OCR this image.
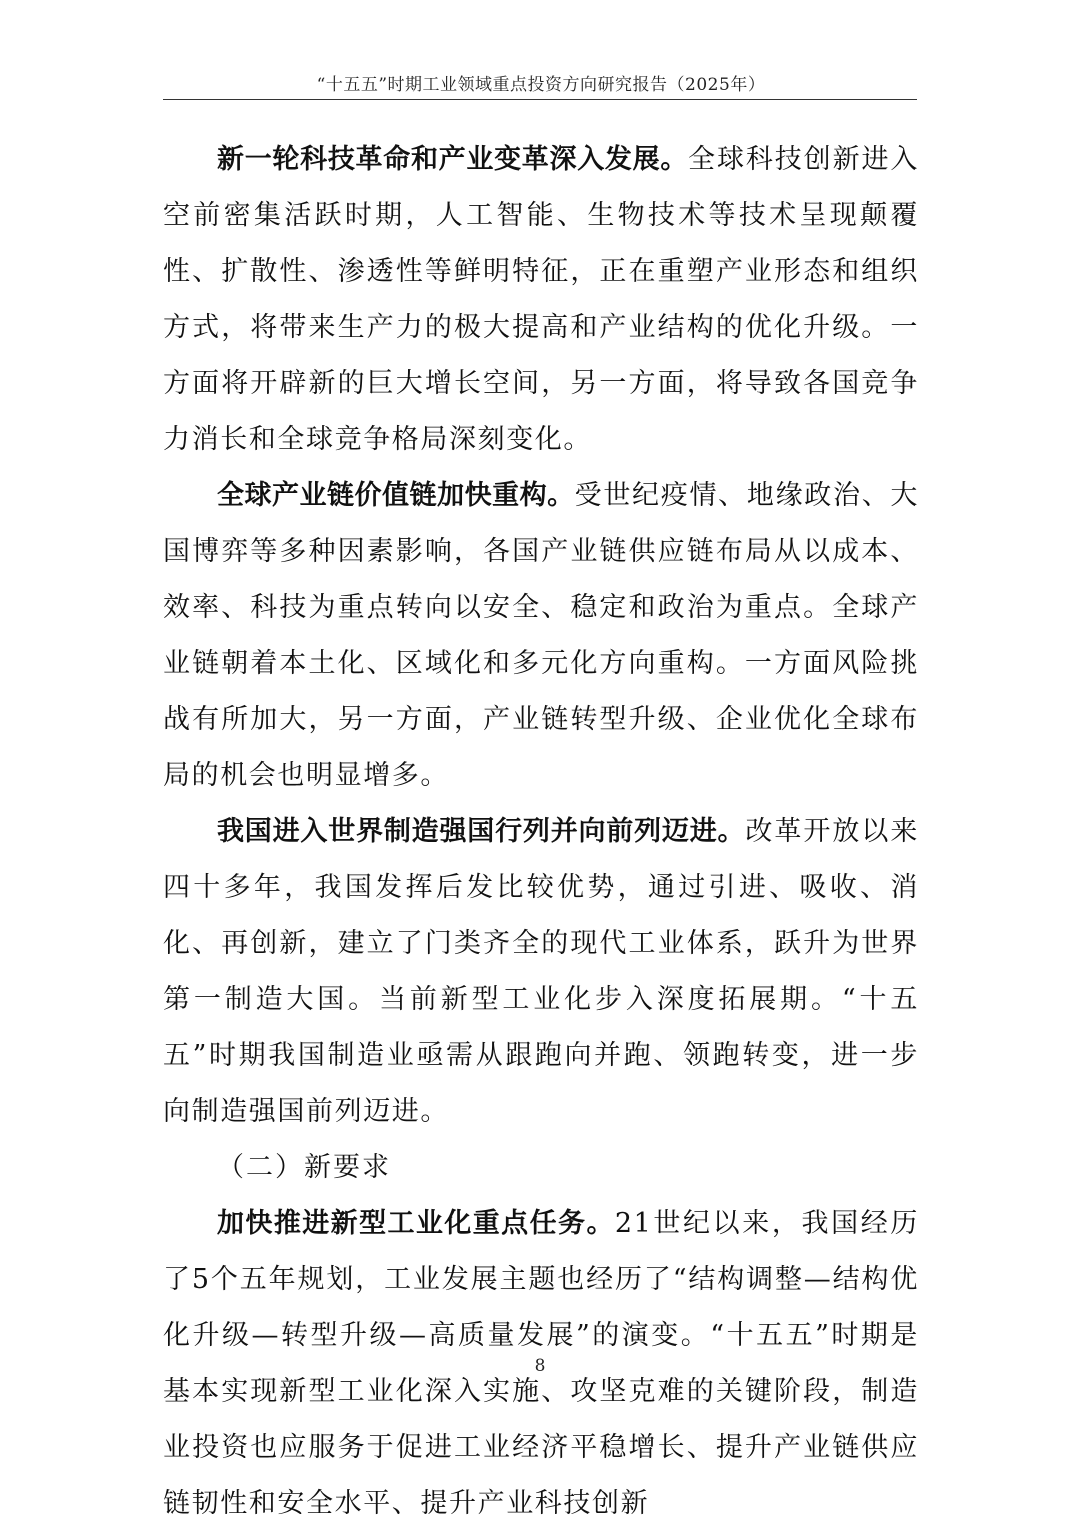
“十五五”时期工业领域重点投资方向研究报告（2025年）

新一轮科技革命和产业变革深入发展。全球科技创新进入空前密集活跃时期，人工智能、生物技术等技术呈现颠覆性、扩散性、渗透性等鲜明特征，正在重塑产业形态和组织方式，将带来生产力的极大提高和产业结构的优化升级。一方面将开辟新的巨大增长空间，另一方面，将导致各国竞争力消长和全球竞争格局深刻变化。

全球产业链价值链加快重构。受世纪疫情、地缘政治、大国博弈等多种因素影响，各国产业链供应链布局从以成本、效率、科技为重点转向以安全、稳定和政治为重点。全球产业链朝着本土化、区域化和多元化方向重构。一方面风险挑战有所加大，另一方面，产业链转型升级、企业优化全球布局的机会也明显增多。

我国进入世界制造强国行列并向前列迈进。改革开放以来四十多年，我国发挥后发比较优势，通过引进、吸收、消化、再创新，建立了门类齐全的现代工业体系，跃升为世界第一制造大国。当前新型工业化步入深度拓展期。“十五五”时期我国制造业亟需从跟跑向并跑、领跑转变，进一步向制造强国前列迈进。

（二）新要求

加快推进新型工业化重点任务。21世纪以来，我国经历了5个五年规划，工业发展主题也经历了“结构调整—结构优化升级—转型升级—高质量发展”的演变。“十五五”时期是基本实现新型工业化深入实施、攻坚克难的关键阶段，制造业投资也应服务于促进工业经济平稳增长、提升产业链供应链韧性和安全水平、提升产业科技创新

8
